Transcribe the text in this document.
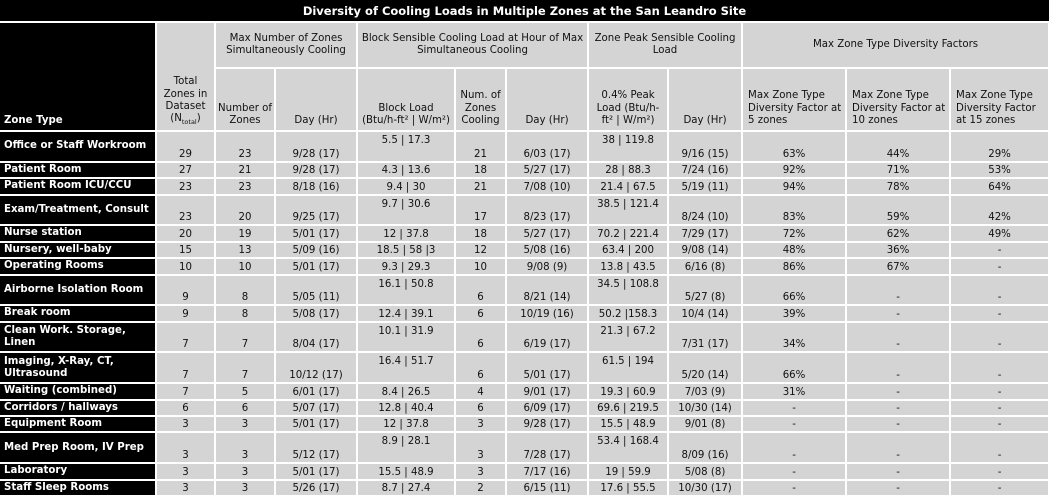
Diversity of Cooling Loads in Multiple Zones at the San Leandro Site
Zone Type	Total Zones in Dataset $(N_{total})$	Max Number of Zones Simultaneously Cooling		Block Sensible Cooling Load at Hour of Max Simultaneous Cooling			Zone Peak Sensible Cooling Load		Max Zone Type Diversity Factors		
		Number of Zones	Day (Hr)	Block Load (Btu/h-ft² | W/m²)	Num. of Zones Cooling	Day (Hr)	0.4% Peak Load (Btu/h-ft² | W/m²)	Day (Hr)	Max Zone Type Diversity Factor at 5 zones	Max Zone Type Diversity Factor at 10 zones	Max Zone Type Diversity Factor at 15 zones
Office or Staff Workroom	29	23	9/28 (17)	5.5 | 17.3	21	6/03 (17)	38 | 119.8	9/16 (15)	63%	44%	29%
Patient Room	27	21	9/28 (17)	4.3 | 13.6	18	5/27 (17)	28 | 88.3	7/24 (16)	92%	71%	53%
Patient Room ICU/CCU	23	23	8/18 (16)	9.4 | 30	21	7/08 (10)	21.4 | 67.5	5/19 (11)	94%	78%	64%
Exam/Treatment, Consult	23	20	9/25 (17)	9.7 | 30.6	17	8/23 (17)	38.5 | 121.4	8/24 (10)	83%	59%	42%
Nurse station	20	19	5/01 (17)	12 | 37.8	18	5/27 (17)	70.2 | 221.4	7/29 (17)	72%	62%	49%
Nursery, well-baby	15	13	5/09 (16)	18.5 | 58 |3	12	5/08 (16)	63.4 | 200	9/08 (14)	48%	36%	-
Operating Rooms	10	10	5/01 (17)	9.3 | 29.3	10	9/08 (9)	13.8 | 43.5	6/16 (8)	86%	67%	-
Airborne Isolation Room	9	8	5/05 (11)	16.1 | 50.8	6	8/21 (14)	34.5 | 108.8	5/27 (8)	66%	-	-
Break room	9	8	5/08 (17)	12.4 | 39.1	6	10/19 (16)	50.2 |158.3	10/4 (14)	39%	-	-
Clean Work. Storage, Linen	7	7	8/04 (17)	10.1 | 31.9	6	6/19 (17)	21.3 | 67.2	7/31 (17)	34%	-	-
Imaging, X-Ray, CT, Ultrasound	7	7	10/12 (17)	16.4 | 51.7	6	5/01 (17)	61.5 | 194	5/20 (14)	66%	-	-
Waiting (combined)	7	5	6/01 (17)	8.4 | 26.5	4	9/01 (17)	19.3 | 60.9	7/03 (9)	31%	-	-
Corridors / hallways	6	6	5/07 (17)	12.8 | 40.4	6	6/09 (17)	69.6 | 219.5	10/30 (14)	-	-	-
Equipment Room	3	3	5/01 (17)	12 | 37.8	3	9/28 (17)	15.5 | 48.9	9/01 (8)	-	-	-
Med Prep Room, IV Prep	3	3	5/12 (17)	8.9 | 28.1	3	7/28 (17)	53.4 | 168.4	8/09 (16)	-	-	-
Laboratory	3	3	5/01 (17)	15.5 | 48.9	3	7/17 (16)	19 | 59.9	5/08 (8)	-	-	-
Staff Sleep Rooms	3	3	5/26 (17)	8.7 | 27.4	2	6/15 (11)	17.6 | 55.5	10/30 (17)	-	-	-
